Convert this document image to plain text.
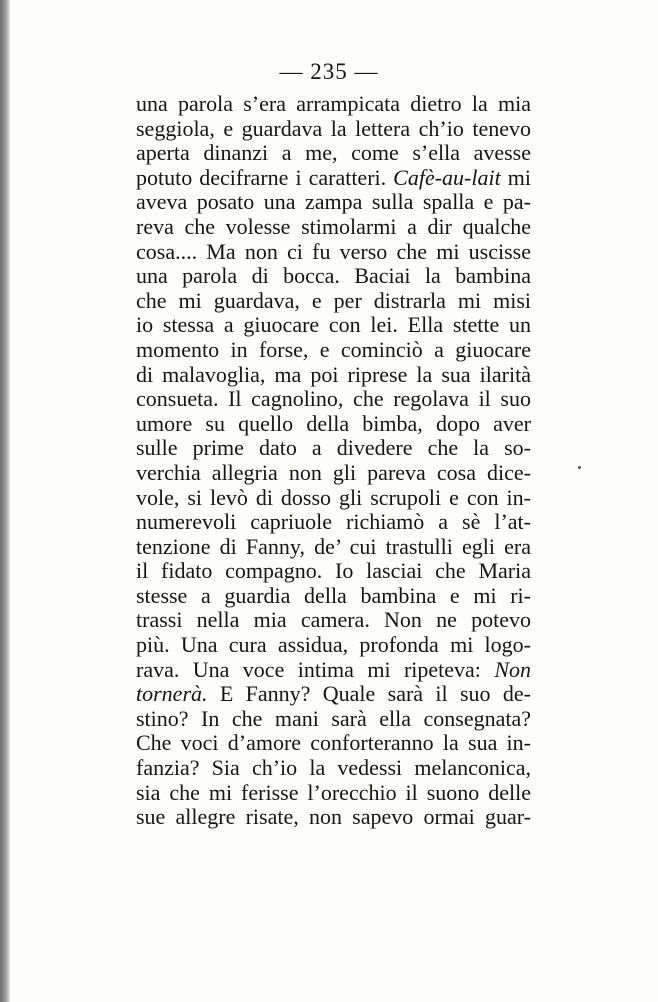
— 235 —
una parola s’era arrampicata dietro la mia
seggiola, e guardava la lettera ch’io tenevo
aperta dinanzi a me, come s’ella avesse
potuto decifrarne i caratteri. Cafè-au-lait mi
aveva posato una zampa sulla spalla e pa-
reva che volesse stimolarmi a dir qualche
cosa.... Ma non ci fu verso che mi uscisse
una parola di bocca. Baciai la bambina
che mi guardava, e per distrarla mi misi
io stessa a giuocare con lei. Ella stette un
momento in forse, e cominciò a giuocare
di malavoglia, ma poi riprese la sua ilarità
consueta. Il cagnolino, che regolava il suo
umore su quello della bimba, dopo aver
sulle prime dato a divedere che la so-
verchia allegria non gli pareva cosa dice-
vole, si levò di dosso gli scrupoli e con in-
numerevoli capriuole richiamò a sè l’at-
tenzione di Fanny, de’ cui trastulli egli era
il fidato compagno. Io lasciai che Maria
stesse a guardia della bambina e mi ri-
trassi nella mia camera. Non ne potevo
più. Una cura assidua, profonda mi logo-
rava. Una voce intima mi ripeteva: Non
tornerà. E Fanny? Quale sarà il suo de-
stino? In che mani sarà ella consegnata?
Che voci d’amore conforteranno la sua in-
fanzia? Sia ch’io la vedessi melanconica,
sia che mi ferisse l’orecchio il suono delle
sue allegre risate, non sapevo ormai guar-
